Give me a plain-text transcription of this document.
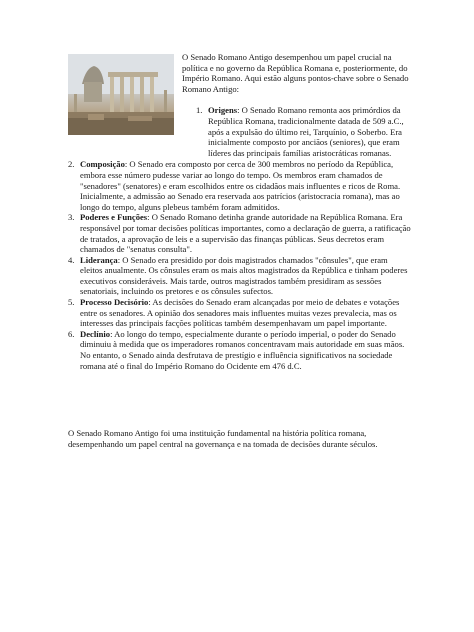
O Senado Romano Antigo desempenhou um papel crucial na política e no governo da República Romana e, posteriormente, do Império Romano. Aqui estão alguns pontos-chave sobre o Senado Romano Antigo:

1. Origens: O Senado Romano remonta aos primórdios da República Romana, tradicionalmente datada de 509 a.C., após a expulsão do último rei, Tarquínio, o Soberbo. Era inicialmente composto por anciãos (seniores), que eram líderes das principais famílias aristocráticas romanas.
2. Composição: O Senado era composto por cerca de 300 membros no período da República, embora esse número pudesse variar ao longo do tempo. Os membros eram chamados de "senadores" (senatores) e eram escolhidos entre os cidadãos mais influentes e ricos de Roma. Inicialmente, a admissão ao Senado era reservada aos patrícios (aristocracia romana), mas ao longo do tempo, alguns plebeus também foram admitidos.
3. Poderes e Funções: O Senado Romano detinha grande autoridade na República Romana. Era responsável por tomar decisões políticas importantes, como a declaração de guerra, a ratificação de tratados, a aprovação de leis e a supervisão das finanças públicas. Seus decretos eram chamados de "senatus consulta".
4. Liderança: O Senado era presidido por dois magistrados chamados "cônsules", que eram eleitos anualmente. Os cônsules eram os mais altos magistrados da República e tinham poderes executivos consideráveis. Mais tarde, outros magistrados também presidiram as sessões senatoriais, incluindo os pretores e os cônsules sufectos.
5. Processo Decisório: As decisões do Senado eram alcançadas por meio de debates e votações entre os senadores. A opinião dos senadores mais influentes muitas vezes prevalecia, mas os interesses das principais facções políticas também desempenhavam um papel importante.
6. Declínio: Ao longo do tempo, especialmente durante o período imperial, o poder do Senado diminuiu à medida que os imperadores romanos concentravam mais autoridade em suas mãos. No entanto, o Senado ainda desfrutava de prestígio e influência significativos na sociedade romana até o final do Império Romano do Ocidente em 476 d.C.

O Senado Romano Antigo foi uma instituição fundamental na história política romana, desempenhando um papel central na governança e na tomada de decisões durante séculos.
